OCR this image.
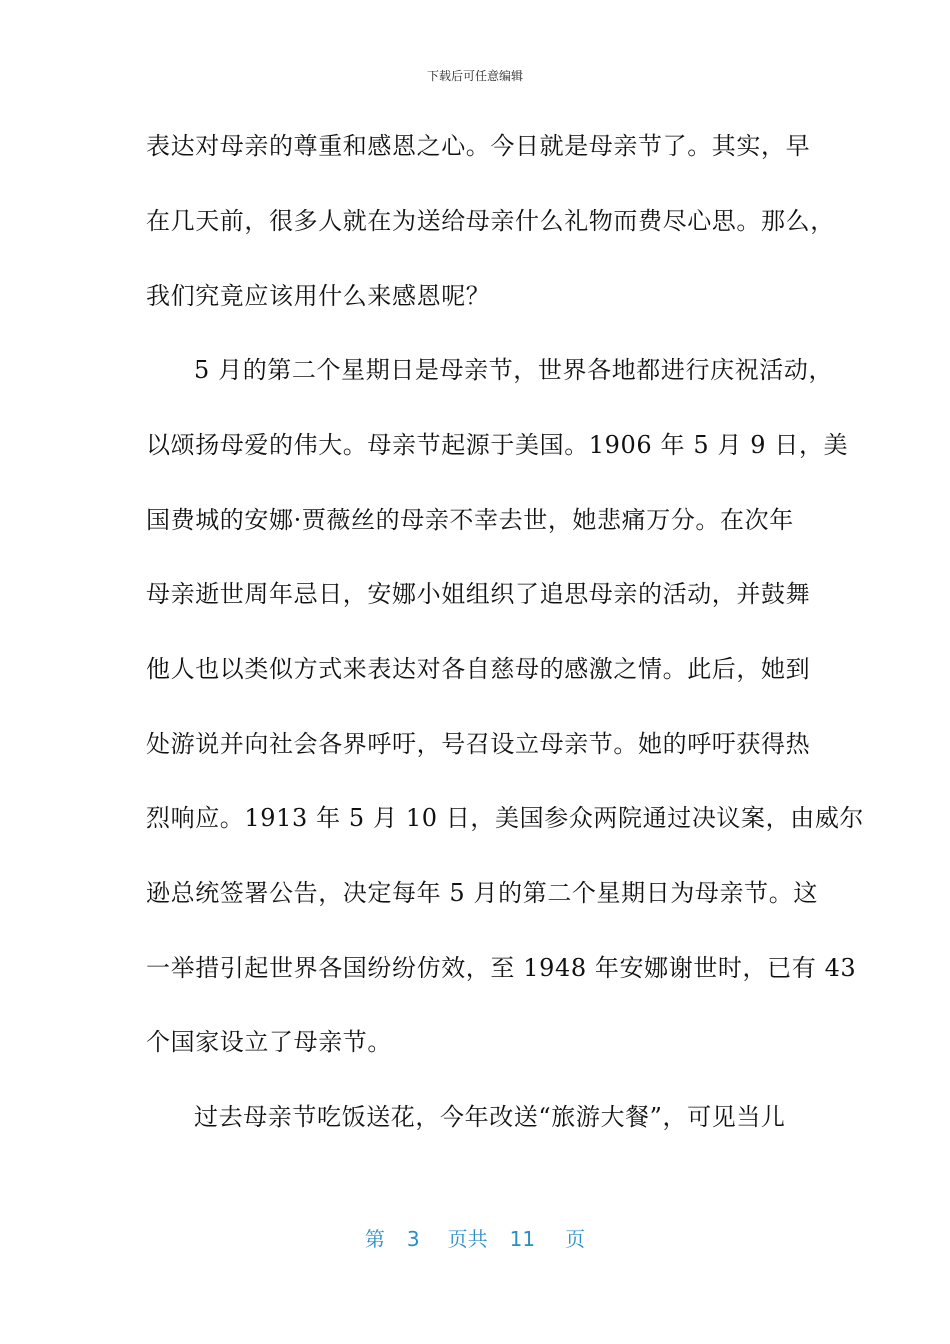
下载后可任意编辑
表达对母亲的尊重和感恩之心。今日就是母亲节了。其实，早
在几天前，很多人就在为送给母亲什么礼物而费尽心思。那么，
我们究竟应该用什么来感恩呢？
5 月的第二个星期日是母亲节，世界各地都进行庆祝活动，
以颂扬母爱的伟大。母亲节起源于美国。1906 年 5 月 9 日，美
国费城的安娜·贾薇丝的母亲不幸去世，她悲痛万分。在次年
母亲逝世周年忌日，安娜小姐组织了追思母亲的活动，并鼓舞
他人也以类似方式来表达对各自慈母的感激之情。此后，她到
处游说并向社会各界呼吁，号召设立母亲节。她的呼吁获得热
烈响应。1913 年 5 月 10 日，美国参众两院通过决议案，由威尔
逊总统签署公告，决定每年 5 月的第二个星期日为母亲节。这
一举措引起世界各国纷纷仿效，至 1948 年安娜谢世时，已有 43
个国家设立了母亲节。
过去母亲节吃饭送花，今年改送“旅游大餐”，可见当儿
第 3 页共 11 页
